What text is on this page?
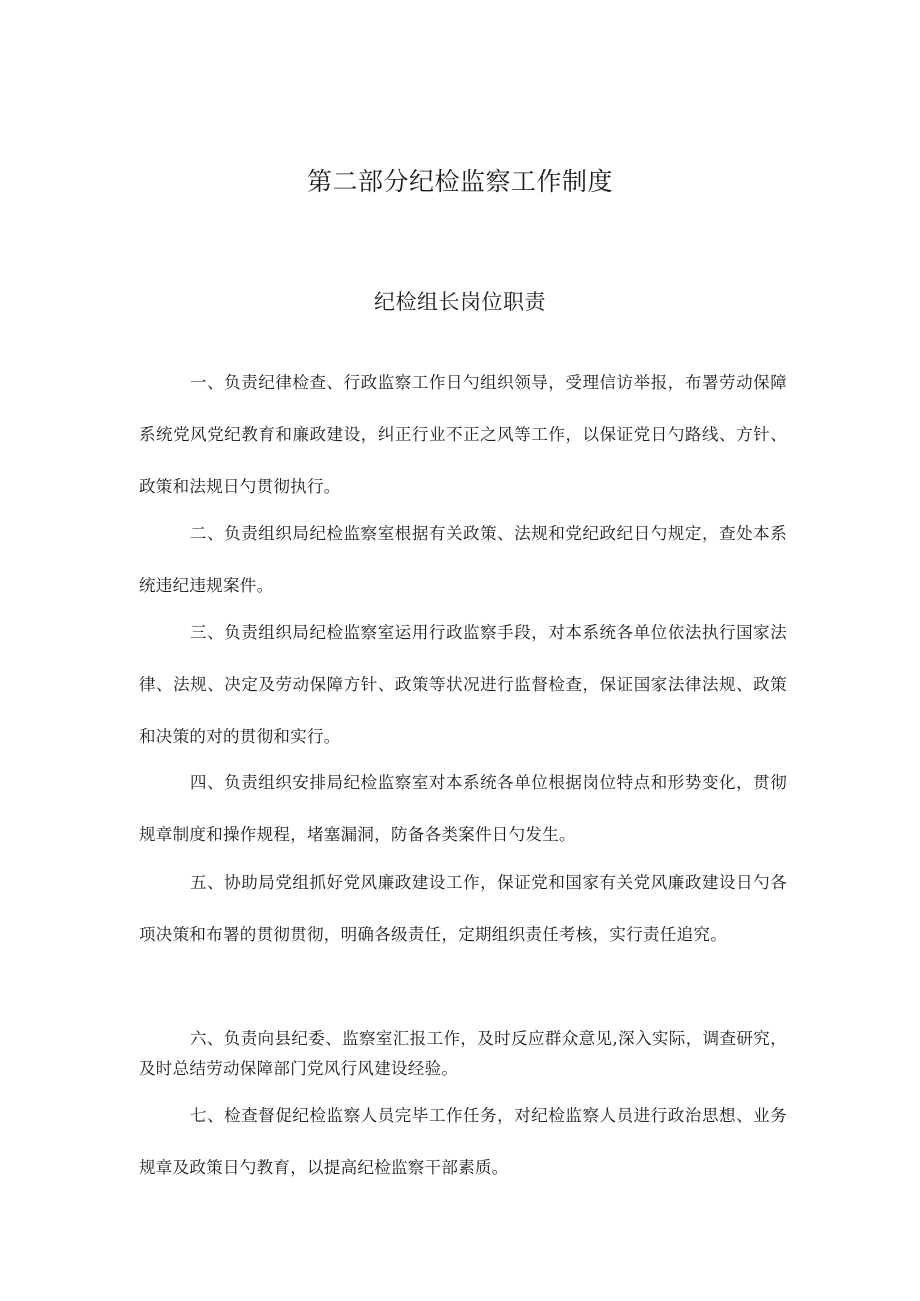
第二部分纪检监察工作制度
纪检组长岗位职责

一、负责纪律检查、行政监察工作日勺组织领导，受理信访举报，布署劳动保障系统党风党纪教育和廉政建设，纠正行业不正之风等工作，以保证党日勺路线、方针、政策和法规日勺贯彻执行。

二、负责组织局纪检监察室根据有关政策、法规和党纪政纪日勺规定，查处本系统违纪违规案件。

三、负责组织局纪检监察室运用行政监察手段，对本系统各单位依法执行国家法律、法规、决定及劳动保障方针、政策等状况进行监督检查，保证国家法律法规、政策和决策的对的贯彻和实行。

四、负责组织安排局纪检监察室对本系统各单位根据岗位特点和形势变化，贯彻规章制度和操作规程，堵塞漏洞，防备各类案件日勺发生。

五、协助局党组抓好党风廉政建设工作，保证党和国家有关党风廉政建设日勺各项决策和布署的贯彻贯彻，明确各级责任，定期组织责任考核，实行责任追究。

六、负责向县纪委、监察室汇报工作，及时反应群众意见,深入实际，调查研究，及时总结劳动保障部门党风行风建设经验。

七、检查督促纪检监察人员完毕工作任务，对纪检监察人员进行政治思想、业务规章及政策日勺教育，以提高纪检监察干部素质。
